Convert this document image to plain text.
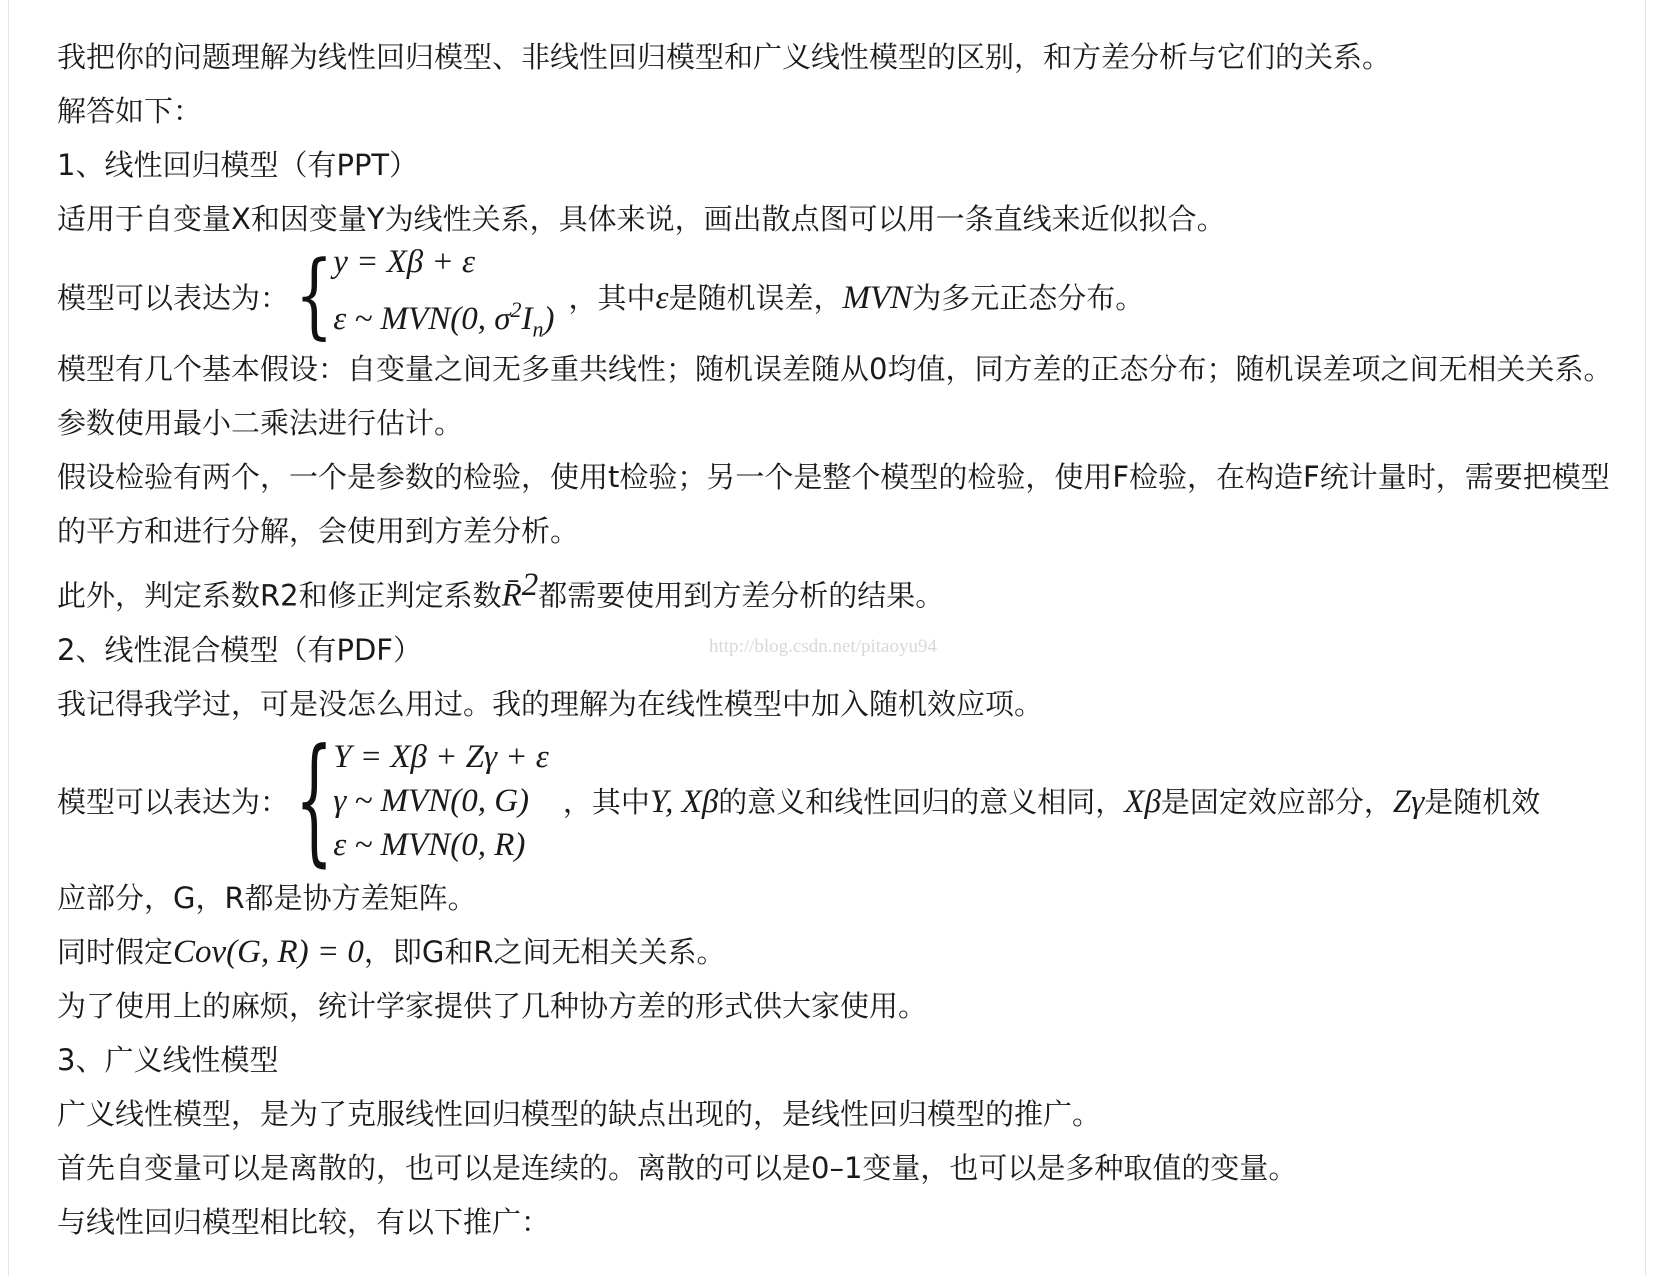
我把你的问题理解为线性回归模型、非线性回归模型和广义线性模型的区别，和方差分析与它们的关系。

解答如下：

1、线性回归模型（有PPT）

适用于自变量X和因变量Y为线性关系，具体来说，画出散点图可以用一条直线来近似拟合。

模型可以表达为： { y = Xβ + ε
ε ~ MVN(0, $\sigma^2I_n$)
，其中ε是随机误差，MVN为多元正态分布。

模型有几个基本假设：自变量之间无多重共线性；随机误差随从0均值，同方差的正态分布；随机误差项之间无相关关系。

参数使用最小二乘法进行估计。

假设检验有两个，一个是参数的检验，使用t检验；另一个是整个模型的检验，使用F检验，在构造F统计量时，需要把模型的平方和进行分解，会使用到方差分析。

此外，判定系数R2和修正判定系数R̄$^2$都需要使用到方差分析的结果。

2、线性混合模型（有PDF）

我记得我学过，可是没怎么用过。我的理解为在线性模型中加入随机效应项。

模型可以表达为： { Y = Xβ + Zγ + ε
γ ~ MVN(0, G)
ε ~ MVN(0, R)
，其中Y, Xβ的意义和线性回归的意义相同，Xβ是固定效应部分，Zγ是随机效

应部分，G，R都是协方差矩阵。

同时假定Cov(G, R) = 0，即G和R之间无相关关系。

为了使用上的麻烦，统计学家提供了几种协方差的形式供大家使用。

3、广义线性模型

广义线性模型，是为了克服线性回归模型的缺点出现的，是线性回归模型的推广。

首先自变量可以是离散的，也可以是连续的。离散的可以是0–1变量，也可以是多种取值的变量。

与线性回归模型相比较，有以下推广：

http://blog.csdn.net/pitaoyu94
